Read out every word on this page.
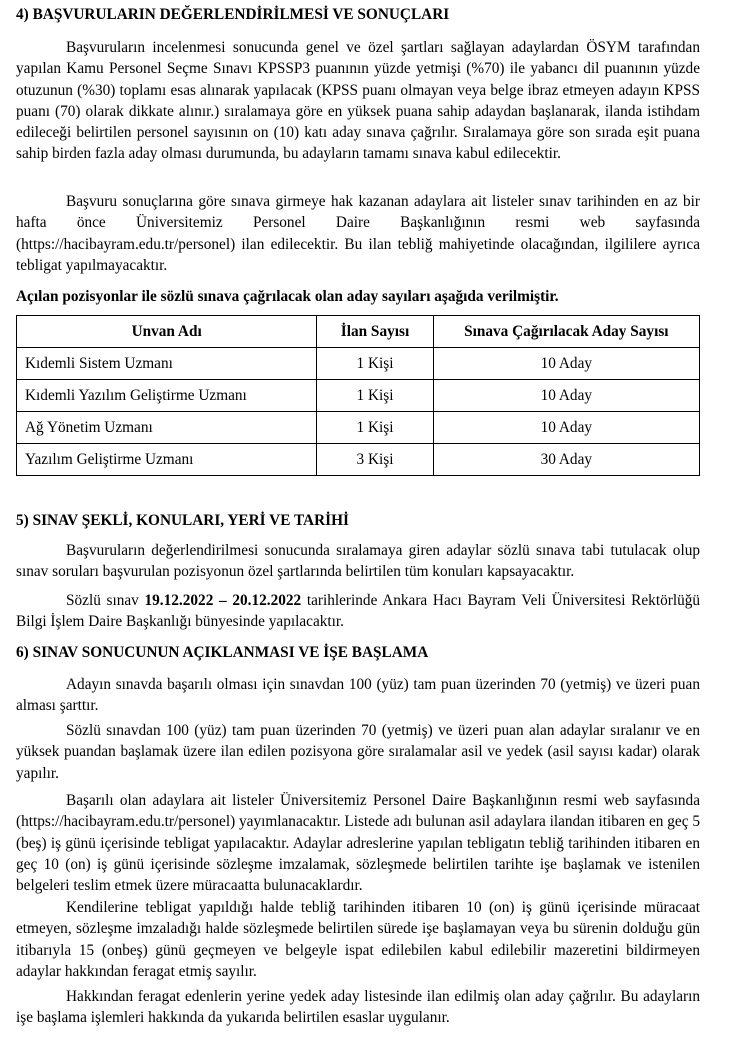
4) BAŞVURULARIN DEĞERLENDİRİLMESİ VE SONUÇLARI
Başvuruların incelenmesi sonucunda genel ve özel şartları sağlayan adaylardan ÖSYM tarafından yapılan Kamu Personel Seçme Sınavı KPSSP3 puanının yüzde yetmişi (%70) ile yabancı dil puanının yüzde otuzunun (%30) toplamı esas alınarak yapılacak (KPSS puanı olmayan veya belge ibraz etmeyen adayın KPSS puanı (70) olarak dikkate alınır.) sıralamaya göre en yüksek puana sahip adaydan başlanarak, ilanda istihdam edileceği belirtilen personel sayısının on (10) katı aday sınava çağrılır. Sıralamaya göre son sırada eşit puana sahip birden fazla aday olması durumunda, bu adayların tamamı sınava kabul edilecektir.
Başvuru sonuçlarına göre sınava girmeye hak kazanan adaylara ait listeler sınav tarihinden en az bir hafta önce Üniversitemiz Personel Daire Başkanlığının resmi web sayfasında (https://hacibayram.edu.tr/personel) ilan edilecektir. Bu ilan tebliğ mahiyetinde olacağından, ilgililere ayrıca tebligat yapılmayacaktır.
Açılan pozisyonlar ile sözlü sınava çağrılacak olan aday sayıları aşağıda verilmiştir.
Unvan Adı	İlan Sayısı	Sınava Çağırılacak Aday Sayısı
Kıdemli Sistem Uzmanı	1 Kişi	10 Aday
Kıdemli Yazılım Geliştirme Uzmanı	1 Kişi	10 Aday
Ağ Yönetim Uzmanı	1 Kişi	10 Aday
Yazılım Geliştirme Uzmanı	3 Kişi	30 Aday
5) SINAV ŞEKLİ, KONULARI, YERİ VE TARİHİ
Başvuruların değerlendirilmesi sonucunda sıralamaya giren adaylar sözlü sınava tabi tutulacak olup sınav soruları başvurulan pozisyonun özel şartlarında belirtilen tüm konuları kapsayacaktır.
Sözlü sınav 19.12.2022 – 20.12.2022 tarihlerinde Ankara Hacı Bayram Veli Üniversitesi Rektörlüğü Bilgi İşlem Daire Başkanlığı bünyesinde yapılacaktır.
6) SINAV SONUCUNUN AÇIKLANMASI VE İŞE BAŞLAMA
Adayın sınavda başarılı olması için sınavdan 100 (yüz) tam puan üzerinden 70 (yetmiş) ve üzeri puan alması şarttır.
Sözlü sınavdan 100 (yüz) tam puan üzerinden 70 (yetmiş) ve üzeri puan alan adaylar sıralanır ve en yüksek puandan başlamak üzere ilan edilen pozisyona göre sıralamalar asil ve yedek (asil sayısı kadar) olarak yapılır.
Başarılı olan adaylara ait listeler Üniversitemiz Personel Daire Başkanlığının resmi web sayfasında (https://hacibayram.edu.tr/personel) yayımlanacaktır. Listede adı bulunan asil adaylara ilandan itibaren en geç 5 (beş) iş günü içerisinde tebligat yapılacaktır. Adaylar adreslerine yapılan tebligatın tebliğ tarihinden itibaren en geç 10 (on) iş günü içerisinde sözleşme imzalamak, sözleşmede belirtilen tarihte işe başlamak ve istenilen belgeleri teslim etmek üzere müracaatta bulunacaklardır.
Kendilerine tebligat yapıldığı halde tebliğ tarihinden itibaren 10 (on) iş günü içerisinde müracaat etmeyen, sözleşme imzaladığı halde sözleşmede belirtilen sürede işe başlamayan veya bu sürenin dolduğu gün itibarıyla 15 (onbeş) günü geçmeyen ve belgeyle ispat edilebilen kabul edilebilir mazeretini bildirmeyen adaylar hakkından feragat etmiş sayılır.
Hakkından feragat edenlerin yerine yedek aday listesinde ilan edilmiş olan aday çağrılır. Bu adayların işe başlama işlemleri hakkında da yukarıda belirtilen esaslar uygulanır.
